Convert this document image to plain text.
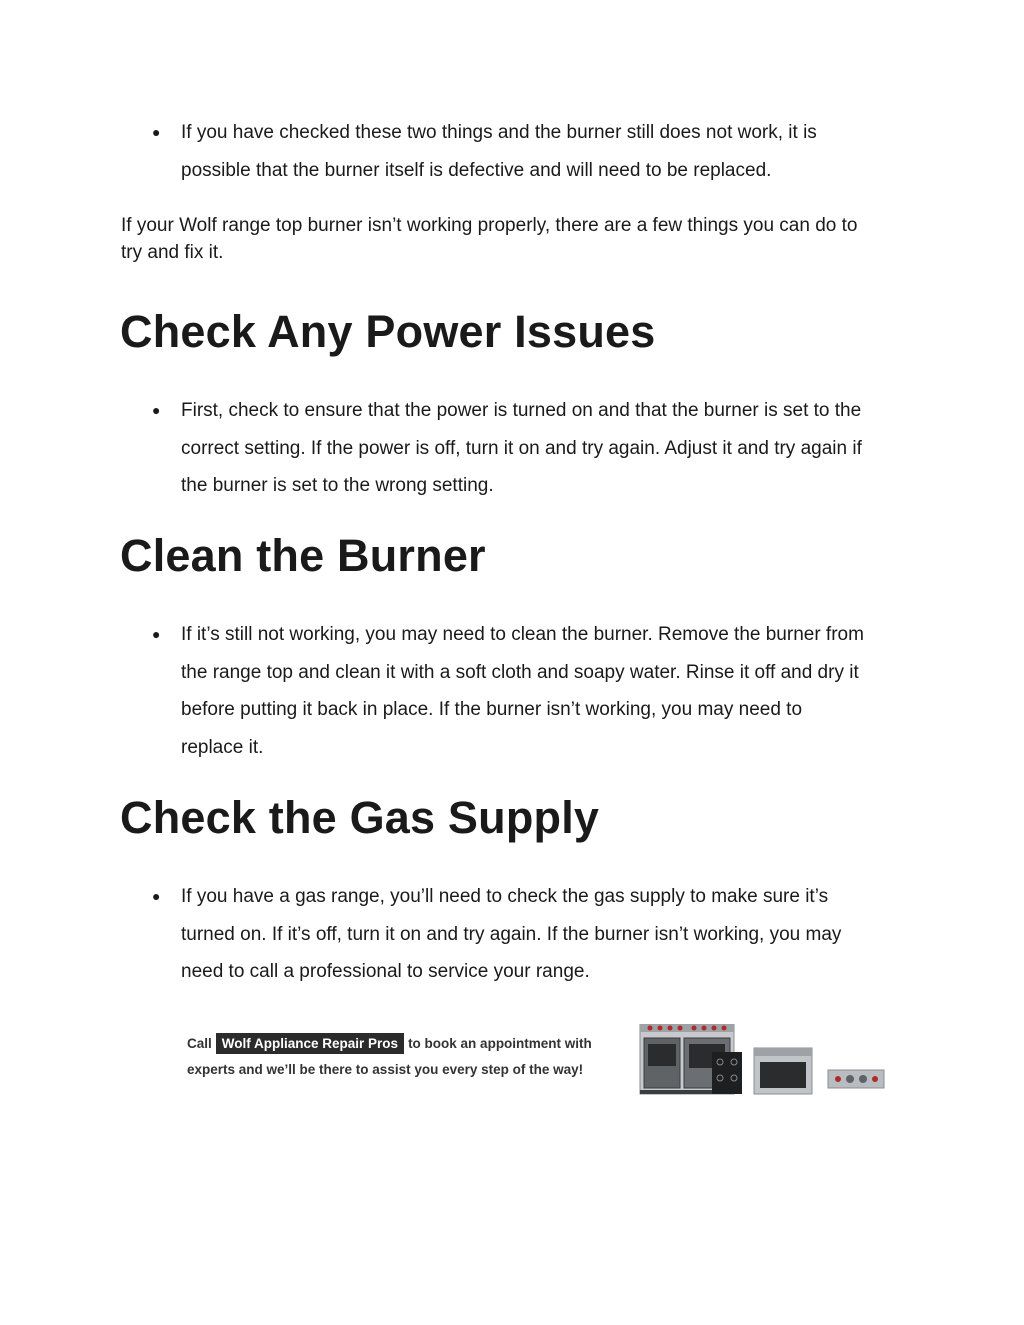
● If you have checked these two things and the burner still does not work, it is
possible that the burner itself is defective and will need to be replaced.
If your Wolf range top burner isn’t working properly, there are a few things you can do to
try and fix it.
Check Any Power Issues
● First, check to ensure that the power is turned on and that the burner is set to the
correct setting. If the power is off, turn it on and try again. Adjust it and try again if
the burner is set to the wrong setting.
Clean the Burner
● If it’s still not working, you may need to clean the burner. Remove the burner from
the range top and clean it with a soft cloth and soapy water. Rinse it off and dry it
before putting it back in place. If the burner isn’t working, you may need to
replace it.
Check the Gas Supply
● If you have a gas range, you’ll need to check the gas supply to make sure it’s
turned on. If it’s off, turn it on and try again. If the burner isn’t working, you may
need to call a professional to service your range.
Call Wolf Appliance Repair Pros to book an appointment with
experts and we’ll be there to assist you every step of the way!
